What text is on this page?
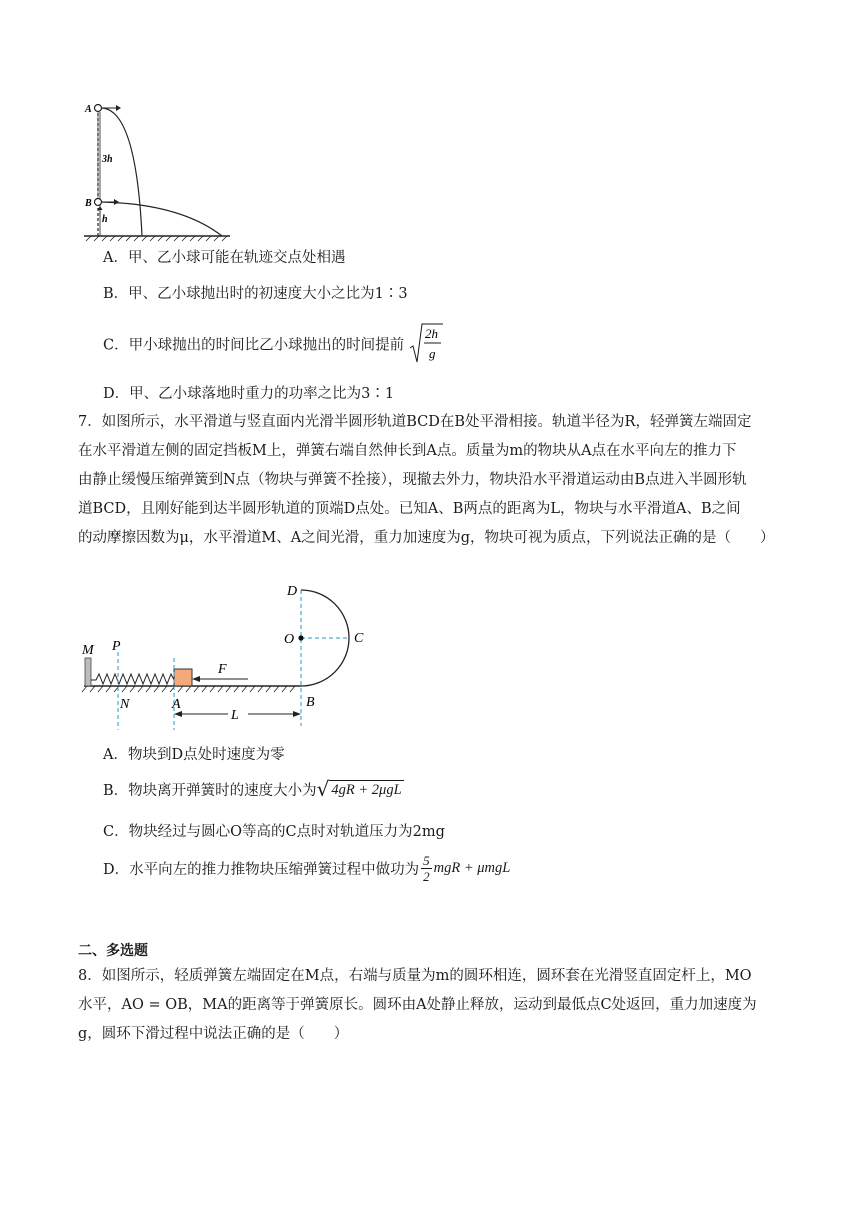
A
B
3h
h
A．甲、乙小球可能在轨迹交点处相遇
B．甲、乙小球抛出时的初速度大小之比为1∶3
C．甲小球抛出的时间比乙小球抛出的时间提前
2h
g
D．甲、乙小球落地时重力的功率之比为3∶1
7．如图所示，水平滑道与竖直面内光滑半圆形轨道BCD在B处平滑相接。轨道半径为R，轻弹簧左端固定
在水平滑道左侧的固定挡板M上，弹簧右端自然伸长到A点。质量为m的物块从A点在水平向左的推力下
由静止缓慢压缩弹簧到N点（物块与弹簧不拴接），现撤去外力，物块沿水平滑道运动由B点进入半圆形轨
道BCD，且刚好能到达半圆形轨道的顶端D点处。已知A、B两点的距离为L，物块与水平滑道A、B之间
的动摩擦因数为μ，水平滑道M、A之间光滑，重力加速度为g，物块可视为质点，下列说法正确的是（　　）
D
O	C
M P
N	A
F
L
B
A．物块到D点处时速度为零
B．物块离开弹簧时的速度大小为√ 4gR + 2μgL
C．物块经过与圆心O等高的C点时对轨道压力为2mg
D．水平向左的推力推物块压缩弹簧过程中做功为 $\frac{5}{2}$ mgR + μmgL
二、多选题
8．如图所示，轻质弹簧左端固定在M点，右端与质量为m的圆环相连，圆环套在光滑竖直固定杆上，MO
水平，AO = OB，MA的距离等于弹簧原长。圆环由A处静止释放，运动到最低点C处返回，重力加速度为
g，圆环下滑过程中说法正确的是（　　）
